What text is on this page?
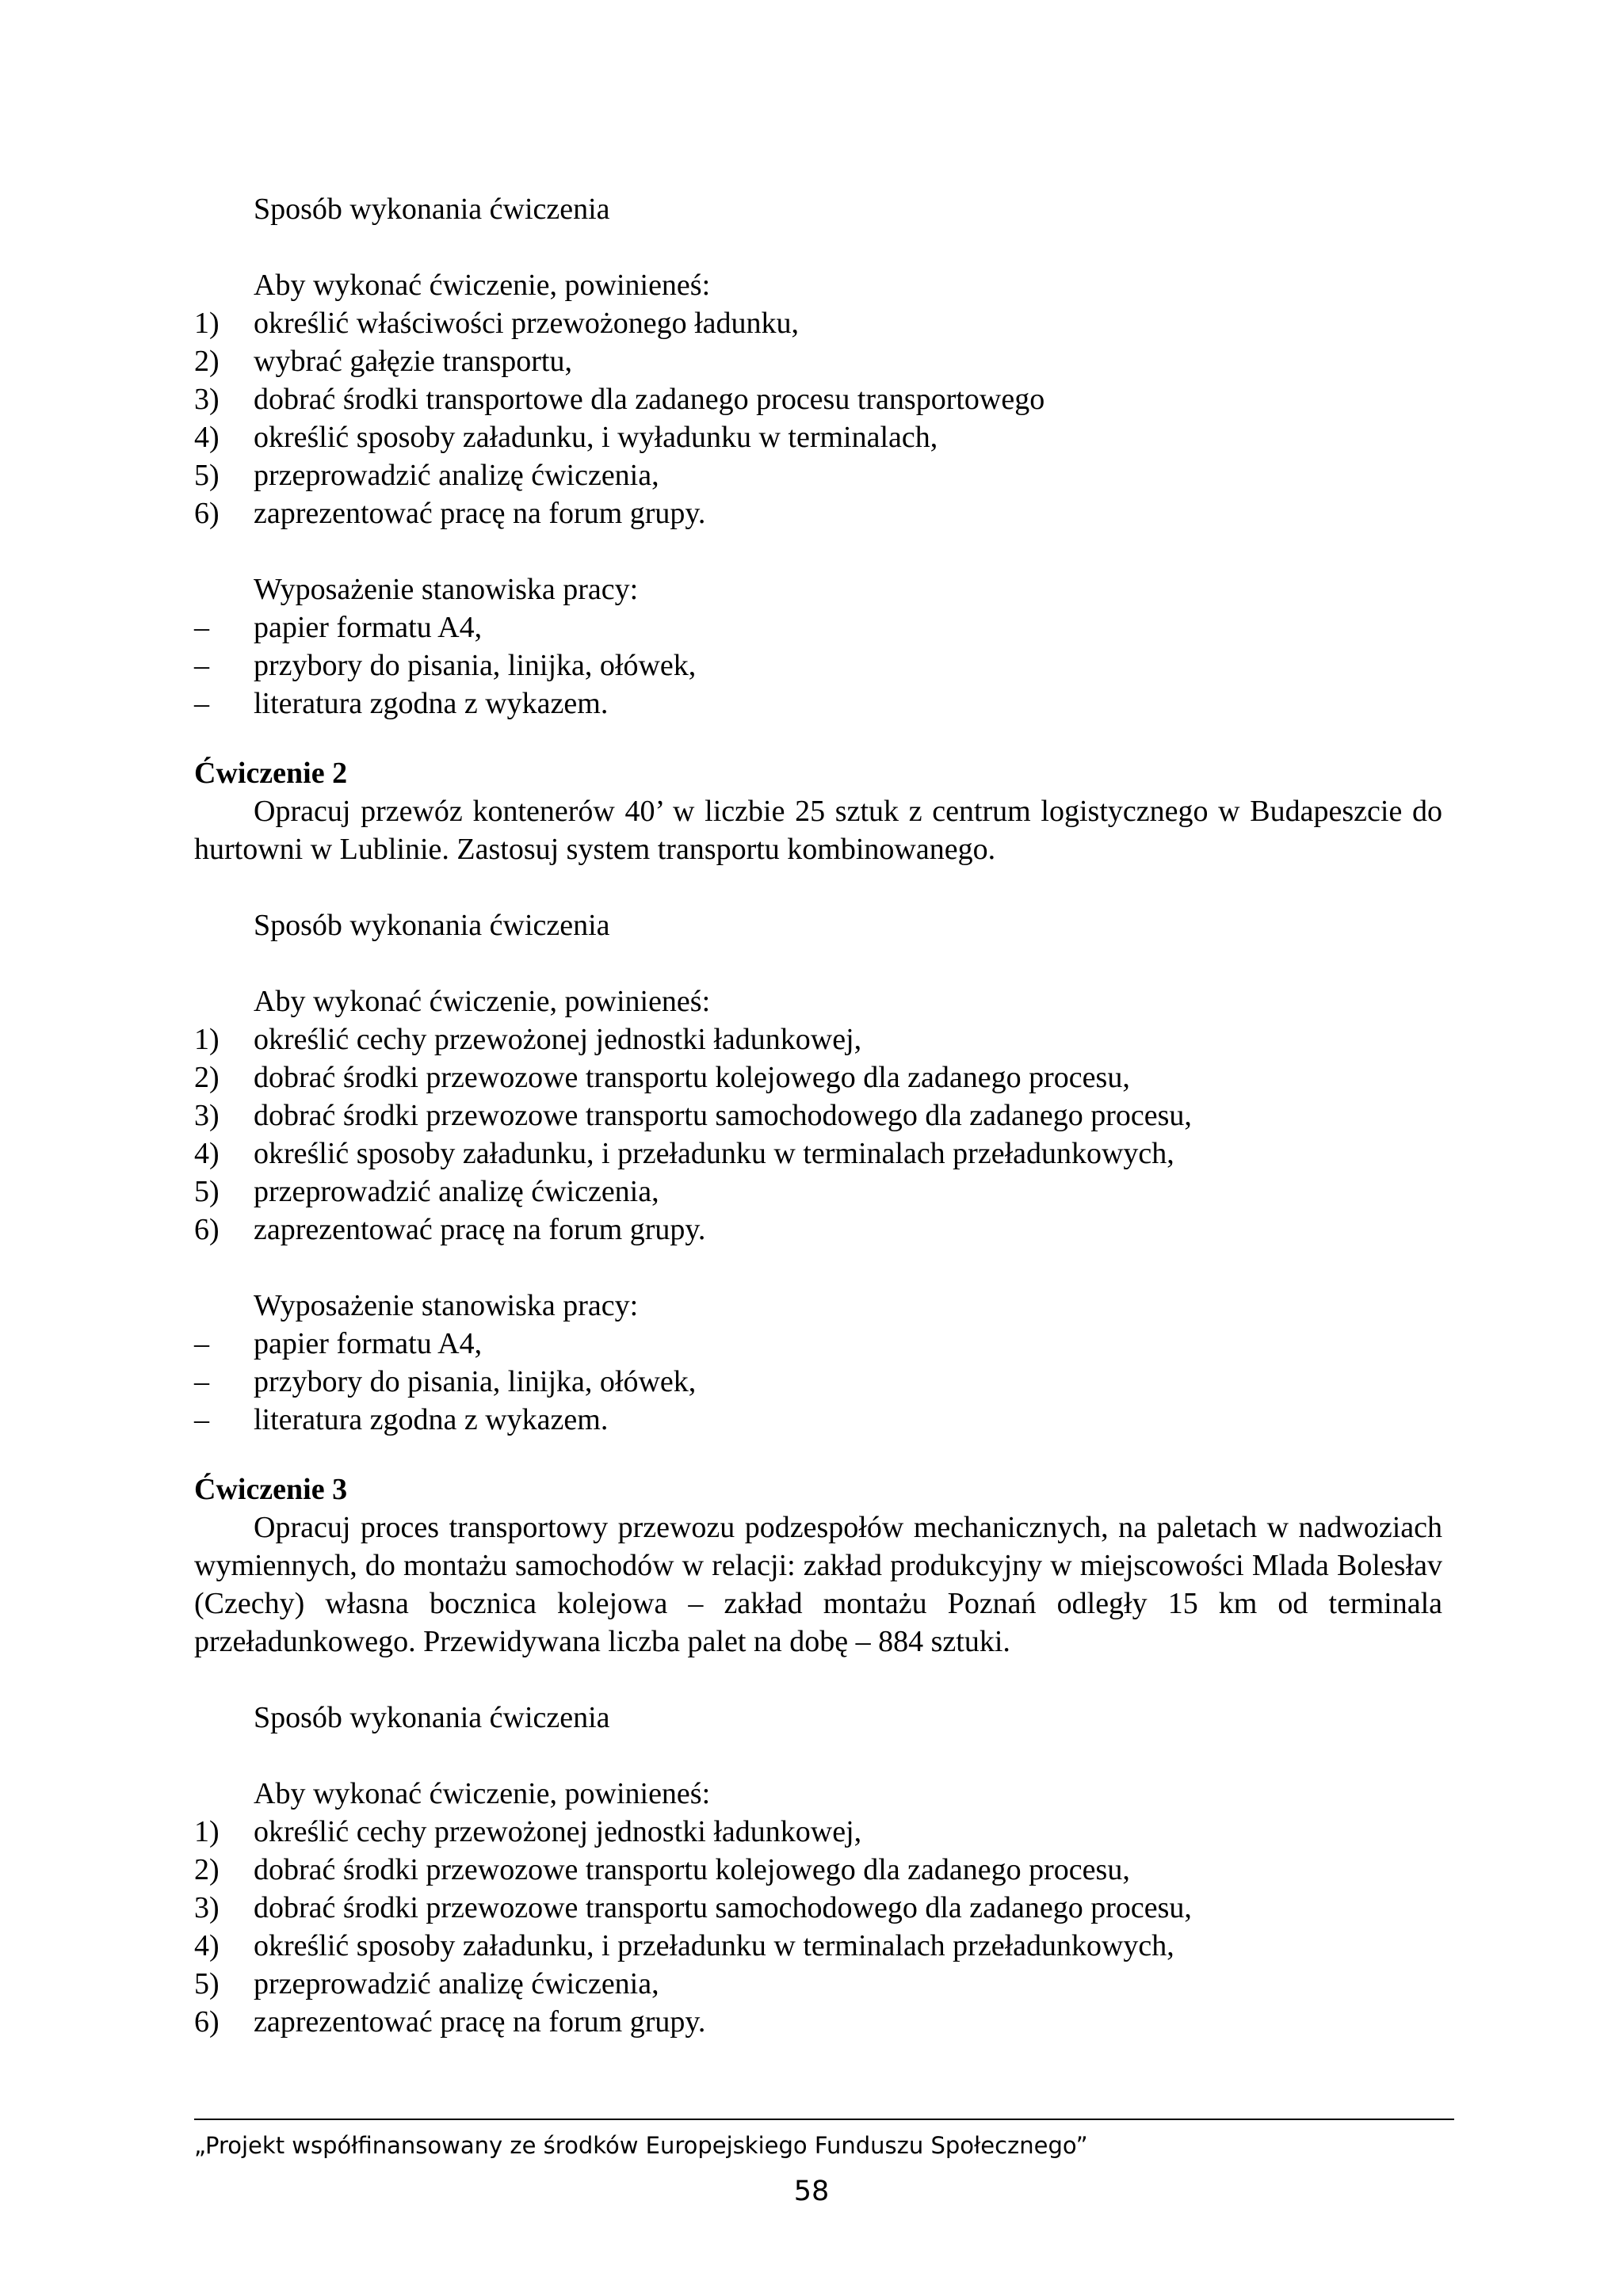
Sposób wykonania ćwiczenia

Aby wykonać ćwiczenie, powinieneś:

1)	określić właściwości przewożonego ładunku,
2)	wybrać gałęzie transportu,
3)	dobrać środki transportowe dla zadanego procesu transportowego
4)	określić sposoby załadunku, i wyładunku w terminalach,
5)	przeprowadzić analizę ćwiczenia,
6)	zaprezentować pracę na forum grupy.

Wyposażenie stanowiska pracy:

–	papier formatu A4,
–	przybory do pisania, linijka, ołówek,
–	literatura zgodna z wykazem.

Ćwiczenie 2

Opracuj przewóz kontenerów 40’ w liczbie 25 sztuk z centrum logistycznego w Budapeszcie do hurtowni w Lublinie. Zastosuj system transportu kombinowanego.

Sposób wykonania ćwiczenia

Aby wykonać ćwiczenie, powinieneś:

1)	określić cechy przewożonej jednostki ładunkowej,
2)	dobrać środki przewozowe transportu kolejowego dla zadanego procesu,
3)	dobrać środki przewozowe transportu samochodowego dla zadanego procesu,
4)	określić sposoby załadunku, i przeładunku w terminalach przeładunkowych,
5)	przeprowadzić analizę ćwiczenia,
6)	zaprezentować pracę na forum grupy.

Wyposażenie stanowiska pracy:

–	papier formatu A4,
–	przybory do pisania, linijka, ołówek,
–	literatura zgodna z wykazem.

Ćwiczenie 3

Opracuj proces transportowy przewozu podzespołów mechanicznych, na paletach w nadwoziach wymiennych, do montażu samochodów w relacji: zakład produkcyjny w miejscowości Mlada Bolesłav (Czechy) własna bocznica kolejowa – zakład montażu Poznań odległy 15 km od terminala przeładunkowego. Przewidywana liczba palet na dobę – 884 sztuki.

Sposób wykonania ćwiczenia

Aby wykonać ćwiczenie, powinieneś:

1)	określić cechy przewożonej jednostki ładunkowej,
2)	dobrać środki przewozowe transportu kolejowego dla zadanego procesu,
3)	dobrać środki przewozowe transportu samochodowego dla zadanego procesu,
4)	określić sposoby załadunku, i przeładunku w terminalach przeładunkowych,
5)	przeprowadzić analizę ćwiczenia,
6)	zaprezentować pracę na forum grupy.
„Projekt współfinansowany ze środków Europejskiego Funduszu Społecznego”
58
